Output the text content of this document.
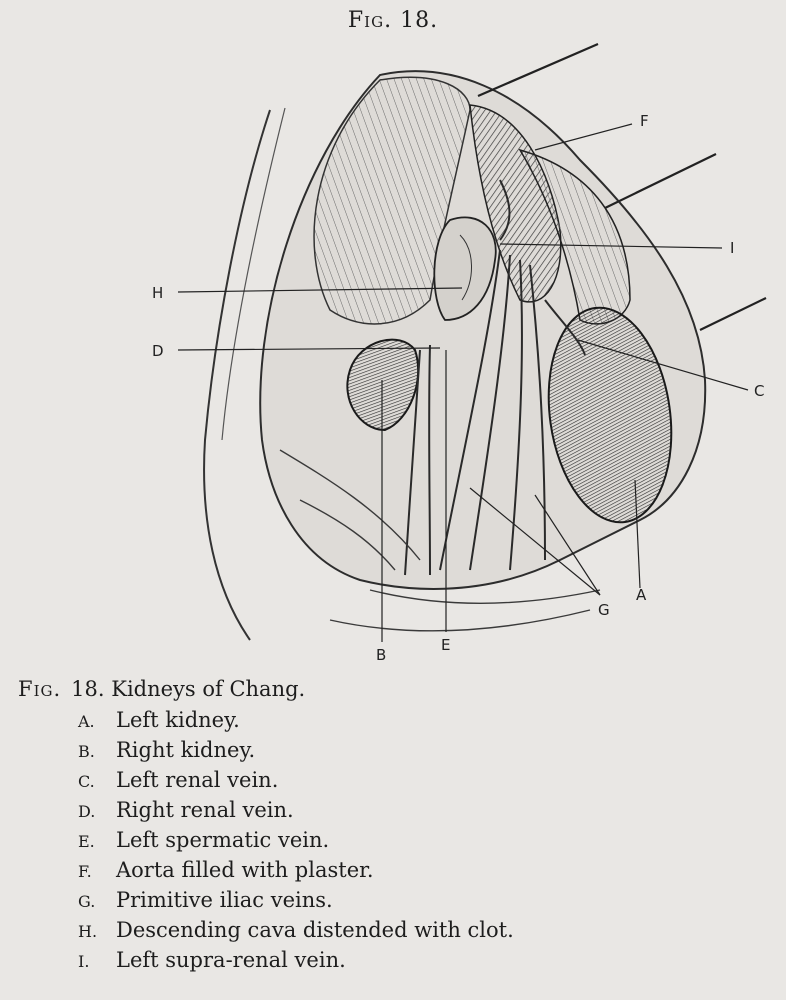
Fig. 18.
F
I
H
D
C
G
A
B
E
Fig. 18. Kidneys of Chang.
A. Left kidney.
B. Right kidney.
C. Left renal vein.
D. Right renal vein.
E. Left spermatic vein.
F. Aorta filled with plaster.
G. Primitive iliac veins.
H. Descending cava distended with clot.
I. Left supra-renal vein.
